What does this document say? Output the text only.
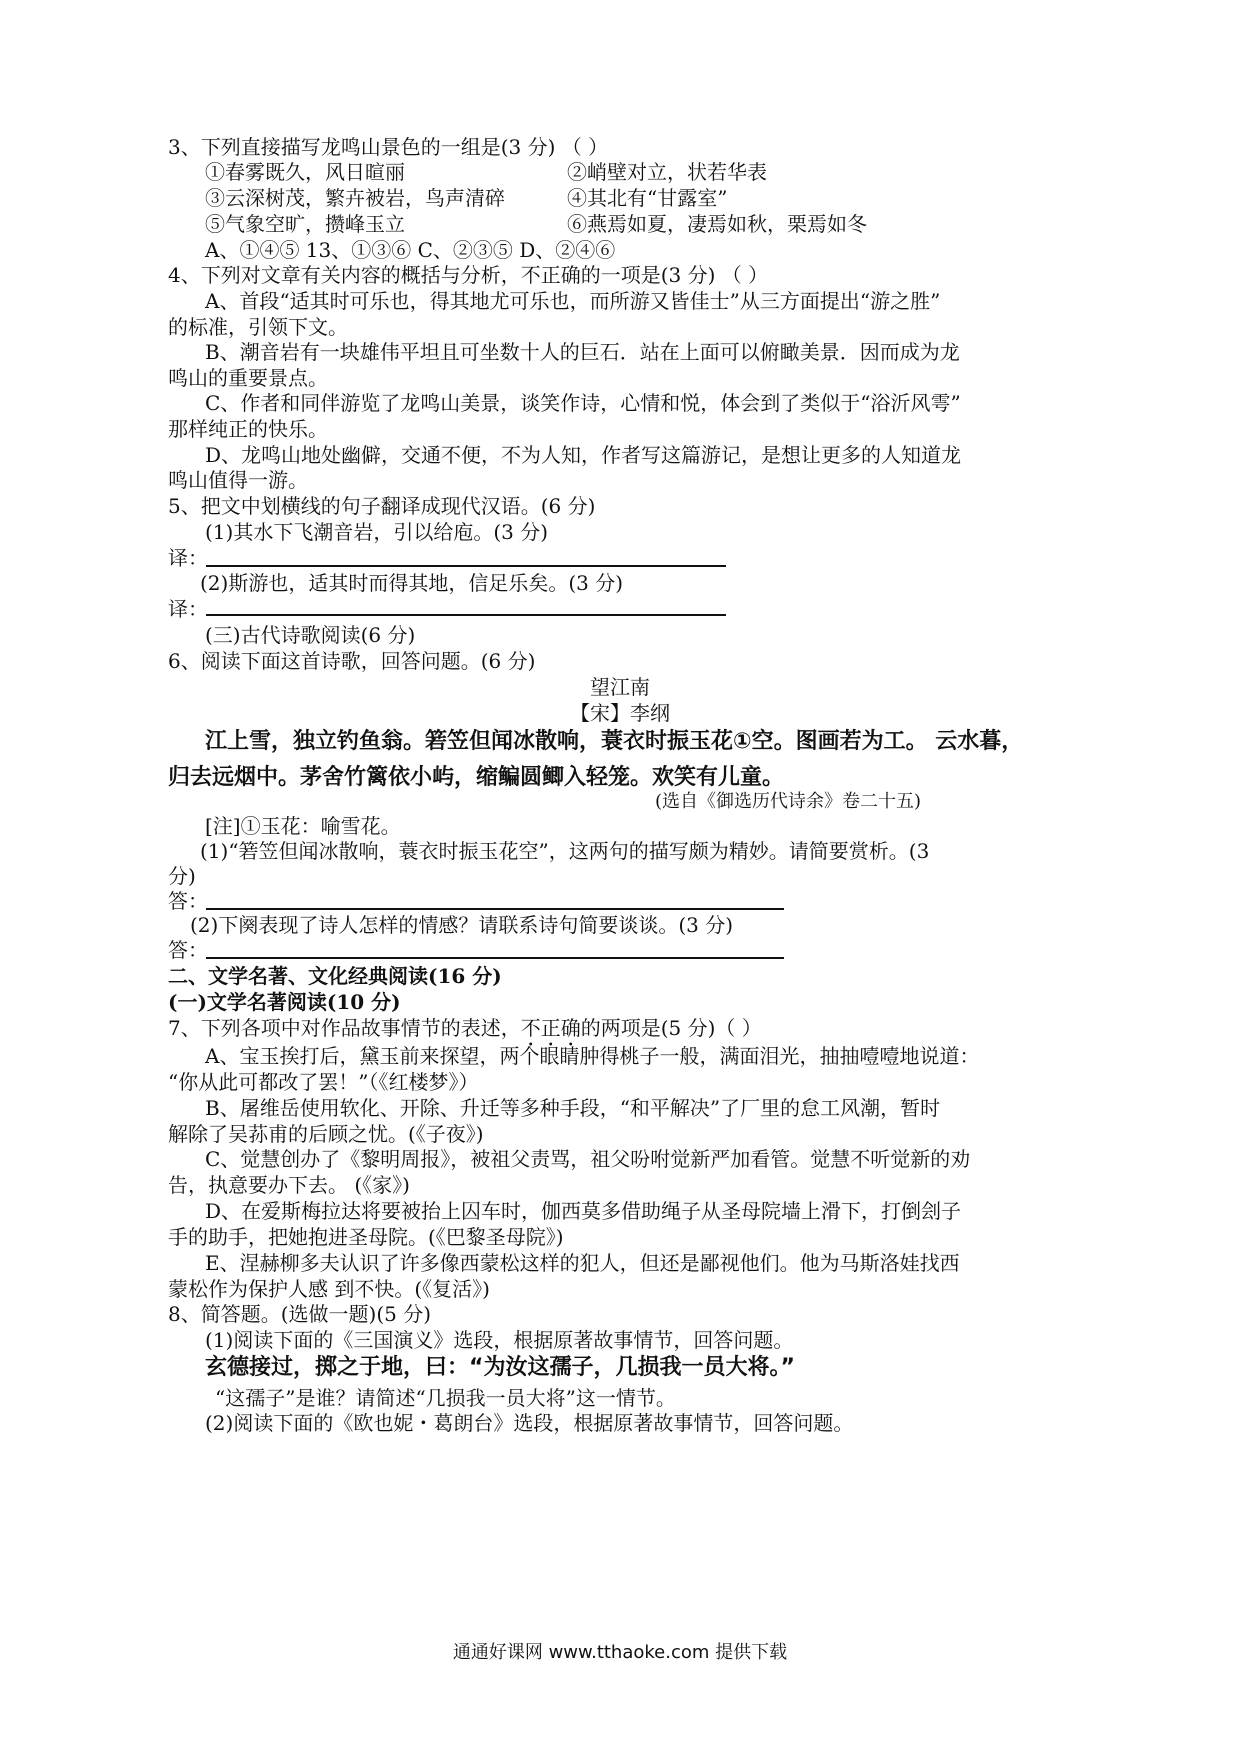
3、下列直接描写龙鸣山景色的一组是(3 分) （ ）
①春雾既久，风日暄丽	②峭壁对立，状若华表
③云深树茂，繁卉被岩，鸟声清碎	④其北有“甘露室”
⑤气象空旷，攒峰玉立	⑥燕焉如夏，凄焉如秋，栗焉如冬
A、①④⑤ 13、①③⑥ C、②③⑤ D、②④⑥
4、下列对文章有关内容的概括与分析，不正确的一项是(3 分) （ ）
A、首段“适其时可乐也，得其地尤可乐也，而所游又皆佳士”从三方面提出“游之胜”
的标准，引领下文。
B、潮音岩有一块雄伟平坦且可坐数十人的巨石．站在上面可以俯瞰美景．因而成为龙
鸣山的重要景点。
C、作者和同伴游览了龙鸣山美景，谈笑作诗，心情和悦，体会到了类似于“浴沂风雩”
那样纯正的快乐。
D、龙鸣山地处幽僻，交通不便，不为人知，作者写这篇游记，是想让更多的人知道龙
鸣山值得一游。
5、把文中划横线的句子翻译成现代汉语。(6 分)
(1)其水下飞潮音岩，引以给庖。(3 分)
译：
(2)斯游也，适其时而得其地，信足乐矣。(3 分)
译：
(三)古代诗歌阅读(6 分)
6、阅读下面这首诗歌，回答问题。(6 分)
望江南
【宋】李纲
江上雪，独立钓鱼翁。箬笠但闻冰散响，蓑衣时振玉花①空。图画若为工。 云水暮，
归去远烟中。茅舍竹篱依小屿，缩鳊圆鲫入轻笼。欢笑有儿童。
(选自《御选历代诗余》卷二十五)
[注]①玉花：喻雪花。
(1)“箬笠但闻冰散响，蓑衣时振玉花空”，这两句的描写颇为精妙。请简要赏析。(3
分)
答：
(2)下阕表现了诗人怎样的情感？请联系诗句简要谈谈。(3 分)
答：
二、文学名著、文化经典阅读(16 分)
(一)文学名著阅读(10 分)
7、下列各项中对作品故事情节的表述，不正确的两项是(5 分)（ ）
A、宝玉挨打后，黛玉前来探望，两个眼睛肿得桃子一般，满面泪光，抽抽噎噎地说道：
“你从此可都改了罢！”（《红楼梦》）
B、屠维岳使用软化、开除、升迁等多种手段，“和平解决”了厂里的怠工风潮，暂时
解除了吴荪甫的后顾之忧。(《子夜》)
C、觉慧创办了《黎明周报》，被祖父责骂，祖父吩咐觉新严加看管。觉慧不听觉新的劝
告，执意要办下去。 (《家》)
D、在爱斯梅拉达将要被抬上囚车时，伽西莫多借助绳子从圣母院墙上滑下，打倒刽子
手的助手，把她抱进圣母院。(《巴黎圣母院》)
E、涅赫柳多夫认识了许多像西蒙松这样的犯人，但还是鄙视他们。他为马斯洛娃找西
蒙松作为保护人感 到不快。(《复活》)
8、简答题。(选做一题)(5 分)
(1)阅读下面的《三国演义》选段，根据原著故事情节，回答问题。
玄德接过，掷之于地，曰：“为汝这孺子，几损我一员大将。”
“这孺子”是谁？请简述“几损我一员大将”这一情节。
(2)阅读下面的《欧也妮・葛朗台》选段，根据原著故事情节，回答问题。
通通好课网 www.tthaoke.com 提供下载
